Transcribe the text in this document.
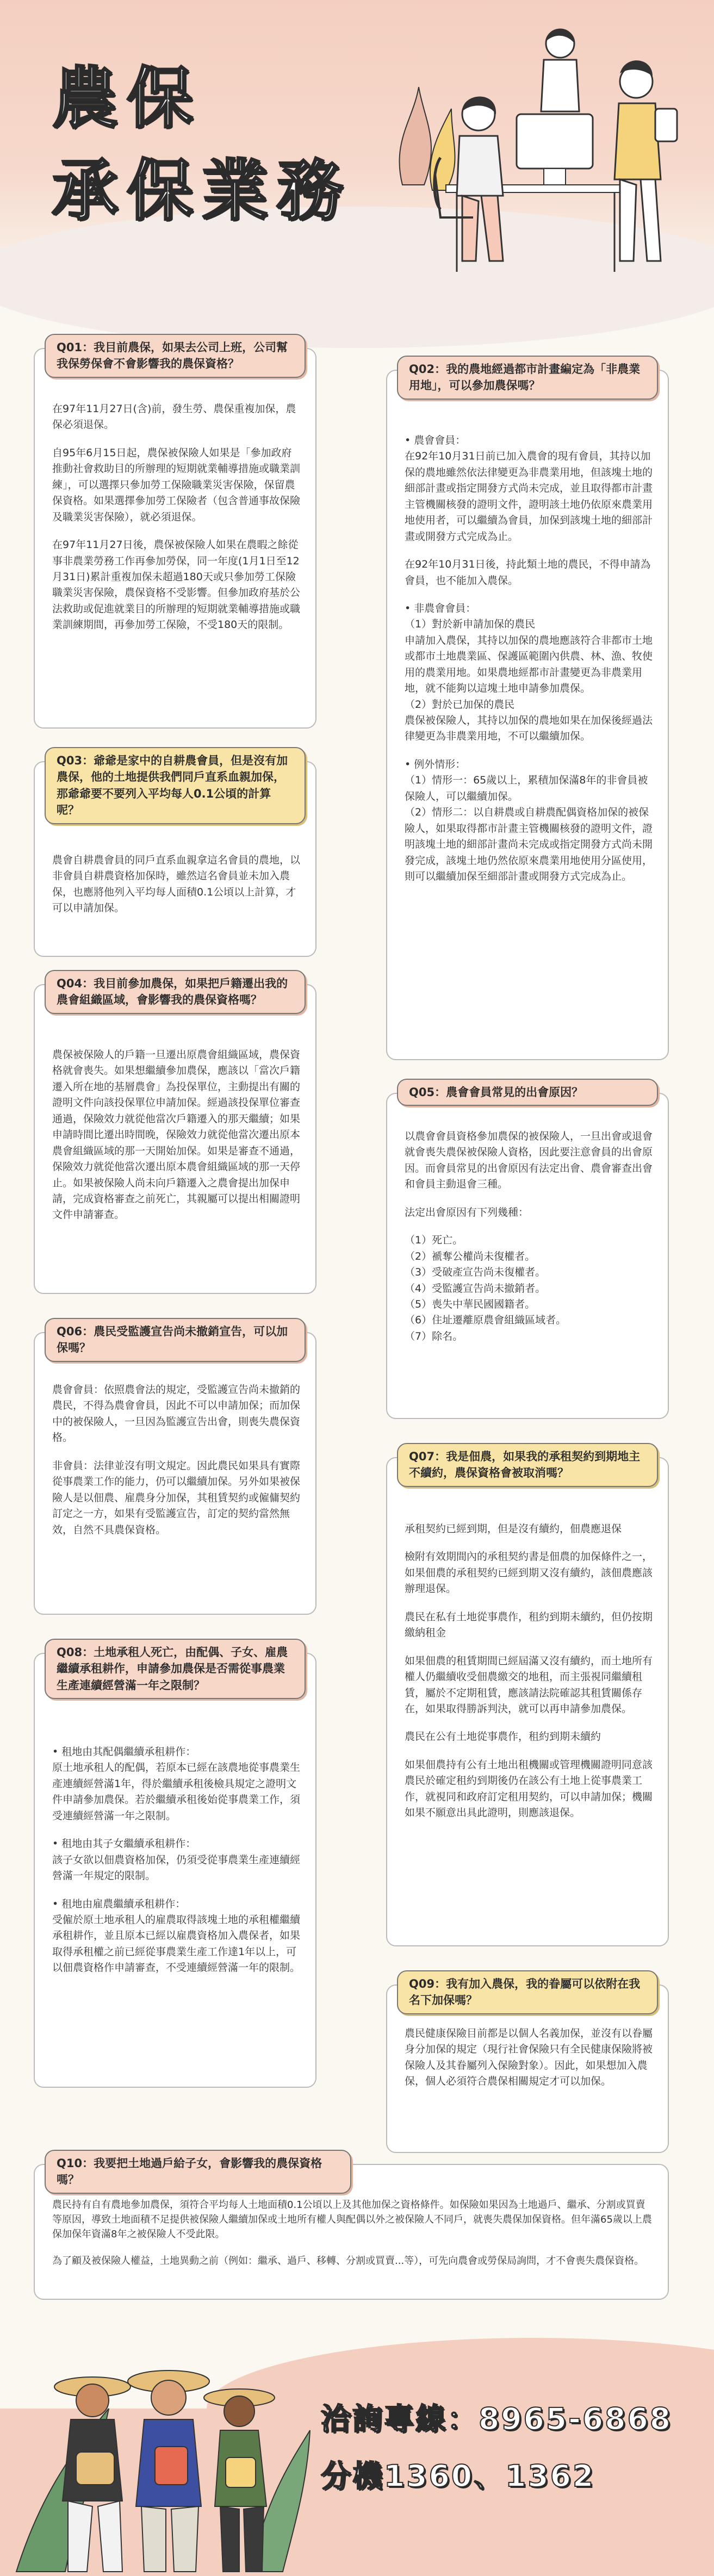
農保
承保業務
Q01：我目前農保，如果去公司上班，公司幫我保勞保會不會影響我的農保資格？

在97年11月27日(含)前，發生勞、農保重複加保，農保必須退保。

自95年6月15日起，農保被保險人如果是「參加政府推動社會救助目的所辦理的短期就業輔導措施或職業訓練」，可以選擇只參加勞工保險職業災害保險，保留農保資格。如果選擇參加勞工保險者（包含普通事故保險及職業災害保險），就必須退保。

在97年11月27日後，農保被保險人如果在農暇之餘從事非農業勞務工作再參加勞保，同一年度(1月1日至12月31日)累計重複加保未超過180天或只參加勞工保險職業災害保險，農保資格不受影響。但參加政府基於公法救助或促進就業目的所辦理的短期就業輔導措施或職業訓練期間，再參加勞工保險，不受180天的限制。

Q03：爺爺是家中的自耕農會員，但是沒有加農保，他的土地提供我們同戶直系血親加保，那爺爺要不要列入平均每人0.1公頃的計算呢？

農會自耕農會員的同戶直系血親拿這名會員的農地，以非會員自耕農資格加保時，雖然這名會員並未加入農保，也應將他列入平均每人面積0.1公頃以上計算，才可以申請加保。

Q04：我目前參加農保，如果把戶籍遷出我的農會組織區域，會影響我的農保資格嗎？

農保被保險人的戶籍一旦遷出原農會組織區域，農保資格就會喪失。如果想繼續參加農保，應該以「當次戶籍遷入所在地的基層農會」為投保單位，主動提出有關的證明文件向該投保單位申請加保。經過該投保單位審查通過，保險效力就從他當次戶籍遷入的那天繼續；如果申請時間比遷出時間晚，保險效力就從他當次遷出原本農會組織區域的那一天開始加保。如果是審查不通過，保險效力就從他當次遷出原本農會組織區域的那一天停止。如果被保險人尚未向戶籍遷入之農會提出加保申請，完成資格審查之前死亡，其親屬可以提出相關證明文件申請審查。

Q06：農民受監護宣告尚未撤銷宣告，可以加保嗎？

農會會員：依照農會法的規定，受監護宣告尚未撤銷的農民，不得為農會會員，因此不可以申請加保；而加保中的被保險人，一旦因為監護宣告出會，則喪失農保資格。

非會員：法律並沒有明文規定。因此農民如果具有實際從事農業工作的能力，仍可以繼續加保。另外如果被保險人是以佃農、雇農身分加保，其租賃契約或僱傭契約訂定之一方，如果有受監護宣告，訂定的契約當然無效，自然不具農保資格。

Q08：土地承租人死亡，由配偶、子女、雇農繼續承租耕作，申請參加農保是否需從事農業生產連續經營滿一年之限制？

• 租地由其配偶繼續承租耕作：
原土地承租人的配偶，若原本已經在該農地從事農業生產連續經營滿1年，得於繼續承租後檢具規定之證明文件申請參加農保。若於繼續承租後始從事農業工作，須受連續經營滿一年之限制。

• 租地由其子女繼續承租耕作：
該子女欲以佃農資格加保，仍須受從事農業生產連續經營滿一年規定的限制。

• 租地由雇農繼續承租耕作：
受僱於原土地承租人的雇農取得該塊土地的承租權繼續承租耕作，並且原本已經以雇農資格加入農保者，如果取得承租權之前已經從事農業生產工作達1年以上，可以佃農資格作申請審查，不受連續經營滿一年的限制。

Q02：我的農地經過都市計畫編定為「非農業用地」，可以參加農保嗎？

• 農會會員：
在92年10月31日前已加入農會的現有會員，其持以加保的農地雖然依法律變更為非農業用地，但該塊土地的細部計畫或指定開發方式尚未完成，並且取得都市計畫主管機關核發的證明文件，證明該土地仍依原來農業用地使用者，可以繼續為會員，加保到該塊土地的細部計畫或開發方式完成為止。

在92年10月31日後，持此類土地的農民，不得申請為會員，也不能加入農保。

• 非農會會員：
（1）對於新申請加保的農民
申請加入農保，其持以加保的農地應該符合非都市土地或都市土地農業區、保護區範圍內供農、林、漁、牧使用的農業用地。如果農地經都市計畫變更為非農業用地，就不能夠以這塊土地申請參加農保。
（2）對於已加保的農民
農保被保險人，其持以加保的農地如果在加保後經過法律變更為非農業用地，不可以繼續加保。

• 例外情形：
（1）情形一：65歲以上，累積加保滿8年的非會員被保險人，可以繼續加保。
（2）情形二：以自耕農或自耕農配偶資格加保的被保險人，如果取得都市計畫主管機關核發的證明文件，證明該塊土地的細部計畫尚未完成或指定開發方式尚未開發完成，該塊土地仍然依原來農業用地使用分區使用，則可以繼續加保至細部計畫或開發方式完成為止。

Q05：農會會員常見的出會原因？

以農會會員資格參加農保的被保險人，一旦出會或退會就會喪失農保被保險人資格，因此要注意會員的出會原因。而會員常見的出會原因有法定出會、農會審查出會和會員主動退會三種。

法定出會原因有下列幾種：

（1）死亡。
（2）褫奪公權尚未復權者。
（3）受破產宣告尚未復權者。
（4）受監護宣告尚未撤銷者。
（5）喪失中華民國國籍者。
（6）住址遷離原農會組織區域者。
（7）除名。

Q07：我是佃農，如果我的承租契約到期地主不續約，農保資格會被取消嗎？

承租契約已經到期，但是沒有續約，佃農應退保

檢附有效期間內的承租契約書是佃農的加保條件之一，如果佃農的承租契約已經到期又沒有續約，該佃農應該辦理退保。

農民在私有土地從事農作，租約到期未續約，但仍按期繳納租金

如果佃農的租賃期間已經屆滿又沒有續約，而土地所有權人仍繼續收受佃農繳交的地租，而主張視同繼續租賃，屬於不定期租賃，應該請法院確認其租賃關係存在，如果取得勝訴判決，就可以再申請參加農保。

農民在公有土地從事農作，租約到期未續約

如果佃農持有公有土地出租機關或管理機關證明同意該農民於確定租約到期後仍在該公有土地上從事農業工作，就視同和政府訂定租用契約，可以申請加保；機關如果不願意出具此證明，則應該退保。

Q09：我有加入農保，我的眷屬可以依附在我名下加保嗎？

農民健康保險目前都是以個人名義加保，並沒有以眷屬身分加保的規定（現行社會保險只有全民健康保險將被保險人及其眷屬列入保險對象）。因此，如果想加入農保，個人必須符合農保相關規定才可以加保。

Q10：我要把土地過戶給子女，會影響我的農保資格嗎？

農民持有自有農地參加農保，須符合平均每人土地面積0.1公頃以上及其他加保之資格條件。如保險如果因為土地過戶、繼承、分割或買賣等原因，導致土地面積不足提供被保險人繼續加保或土地所有權人與配偶以外之被保險人不同戶，就喪失農保加保資格。但年滿65歲以上農保加保年資滿8年之被保險人不受此限。

為了顧及被保險人權益，土地異動之前（例如：繼承、過戶、移轉、分割或買賣...等），可先向農會或勞保局詢問，才不會喪失農保資格。

洽詢專線：8965-6868
分機1360、1362
